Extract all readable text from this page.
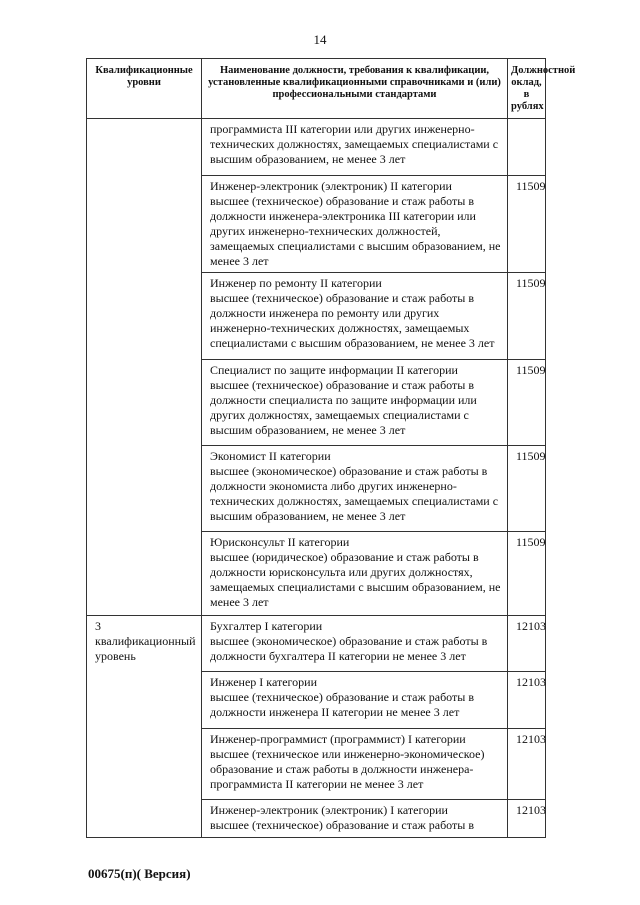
14
Квалификационные уровни	Наименование должности, требования к квалификации, установленные квалификационными справочниками и (или) профессиональными стандартами	Должностной оклад, в рублях

	программиста III категории или других инженерно-технических должностях, замещаемых специалистами с высшим образованием, не менее 3 лет	

	Инженер-электроник (электроник) II категории
высшее (техническое) образование и стаж работы в должности инженера-электроника III категории или других инженерно-технических должностей, замещаемых специалистами с высшим образованием, не менее 3 лет	11509

	Инженер по ремонту II категории
высшее (техническое) образование и стаж работы в должности инженера по ремонту или других инженерно-технических должностях, замещаемых специалистами с высшим образованием, не менее 3 лет	11509

	Специалист по защите информации II категории
высшее (техническое) образование и стаж работы в должности специалиста по защите информации или других должностях, замещаемых специалистами с высшим образованием, не менее 3 лет	11509

	Экономист II категории
высшее (экономическое) образование и стаж работы в должности экономиста либо других инженерно-технических должностях, замещаемых специалистами с высшим образованием, не менее 3 лет	11509

	Юрисконсульт II категории
высшее (юридическое) образование и стаж работы в должности юрисконсульта или других должностях, замещаемых специалистами с высшим образованием, не менее 3 лет	11509
3 квалификационный уровень	Бухгалтер I категории
высшее (экономическое) образование и стаж работы в должности бухгалтера II категории не менее 3 лет	12103

	Инженер I категории
высшее (техническое) образование и стаж работы в должности инженера II категории не менее 3 лет	12103

	Инженер-программист (программист) I категории
высшее (техническое или инженерно-экономическое) образование и стаж работы в должности инженера-программиста II категории не менее 3 лет	12103

	Инженер-электроник (электроник) I категории
высшее (техническое) образование и стаж работы в	12103
00675(п)( Версия)
